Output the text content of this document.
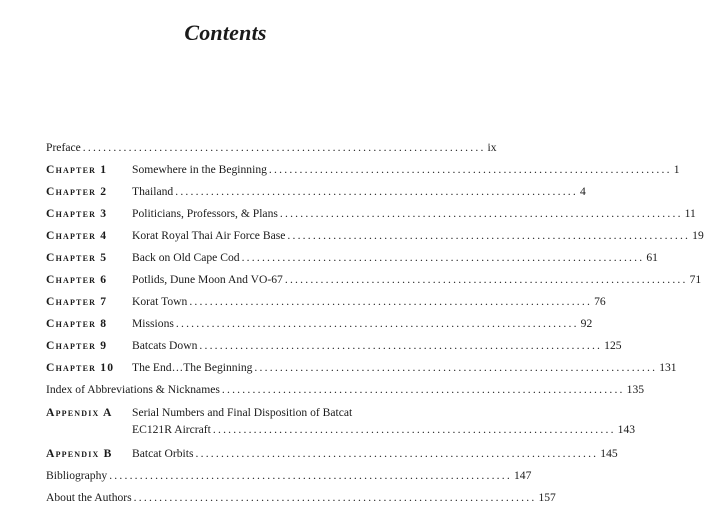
Contents
Preface ............................................................................... ix
Chapter 1	Somewhere in the Beginning ............................................................................... 1
Chapter 2	Thailand ............................................................................... 4
Chapter 3	Politicians, Professors, & Plans ............................................................................... 11
Chapter 4	Korat Royal Thai Air Force Base ............................................................................... 19
Chapter 5	Back on Old Cape Cod ............................................................................... 61
Chapter 6	Potlids, Dune Moon And VO-67 ............................................................................... 71
Chapter 7	Korat Town ............................................................................... 76
Chapter 8	Missions ............................................................................... 92
Chapter 9	Batcats Down ............................................................................... 125
Chapter 10	The End…The Beginning ............................................................................... 131
Index of Abbreviations & Nicknames ............................................................................... 135
Appendix A	Serial Numbers and Final Disposition of Batcat
EC121R Aircraft ............................................................................... 143
Appendix B	Batcat Orbits ............................................................................... 145
Bibliography ............................................................................... 147
About the Authors ............................................................................... 157
